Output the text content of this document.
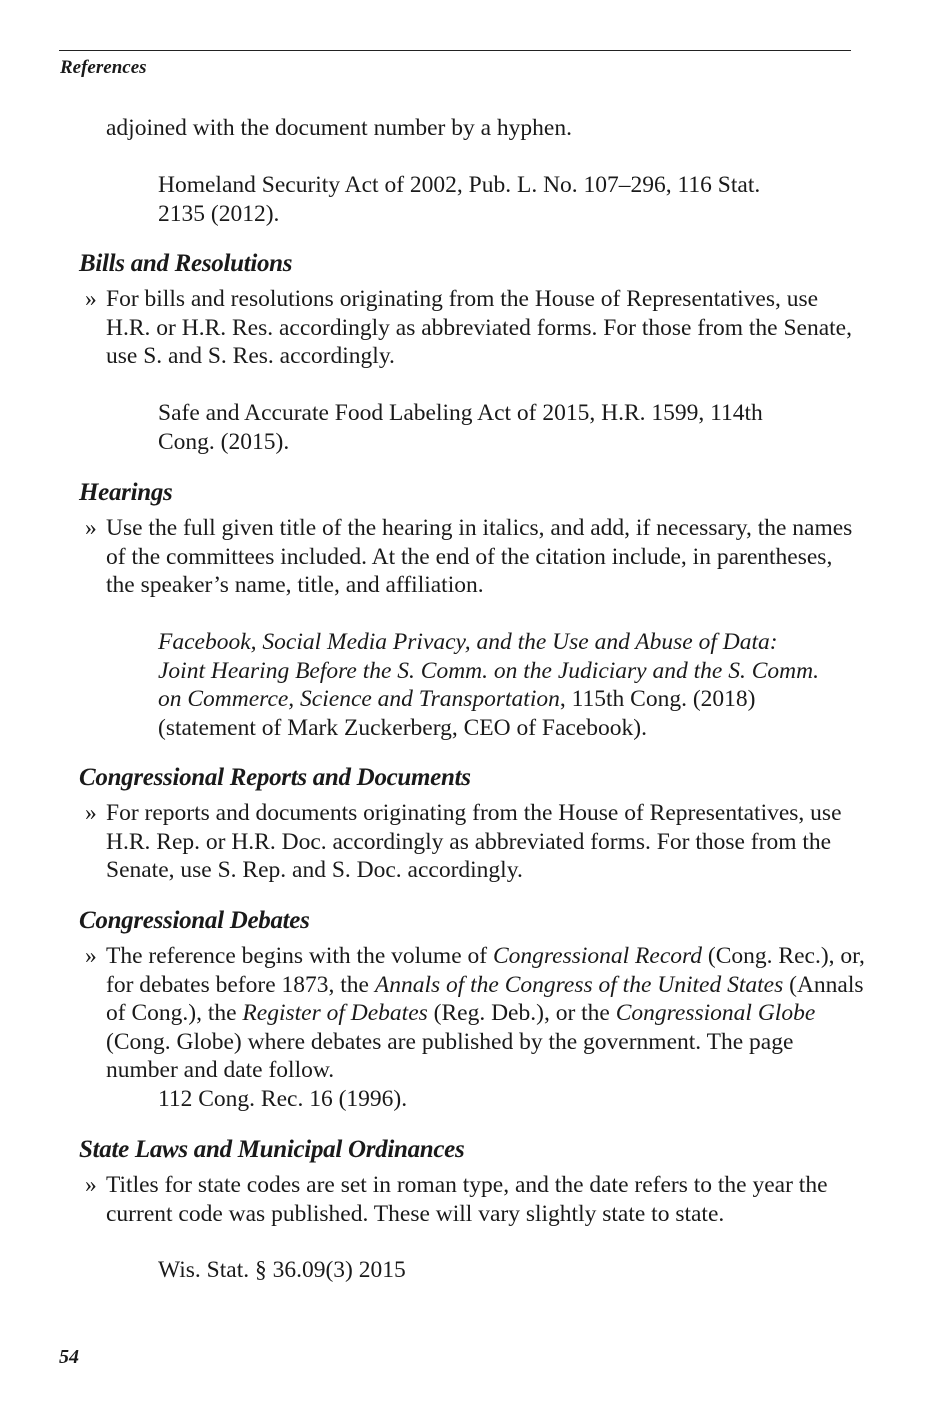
References
adjoined with the document number by a hyphen.
Homeland Security Act of 2002, Pub. L. No. 107–296, 116 Stat.
2135 (2012).
Bills and Resolutions
» For bills and resolutions originating from the House of Representatives, use H.R. or H.R. Res. accordingly as abbreviated forms. For those from the Senate, use S. and S. Res. accordingly.
Safe and Accurate Food Labeling Act of 2015, H.R. 1599, 114th
Cong. (2015).
Hearings
» Use the full given title of the hearing in italics, and add, if necessary, the names of the committees included. At the end of the citation include, in parentheses, the speaker’s name, title, and affiliation.
Facebook, Social Media Privacy, and the Use and Abuse of Data:
Joint Hearing Before the S. Comm. on the Judiciary and the S. Comm.
on Commerce, Science and Transportation, 115th Cong. (2018)
(statement of Mark Zuckerberg, CEO of Facebook).
Congressional Reports and Documents
» For reports and documents originating from the House of Representatives, use H.R. Rep. or H.R. Doc. accordingly as abbreviated forms. For those from the Senate, use S. Rep. and S. Doc. accordingly.
Congressional Debates
» The reference begins with the volume of Congressional Record (Cong. Rec.), or, for debates before 1873, the Annals of the Congress of the United States (Annals of Cong.), the Register of Debates (Reg. Deb.), or the Congressional Globe (Cong. Globe) where debates are published by the government. The page number and date follow.
112 Cong. Rec. 16 (1996).
State Laws and Municipal Ordinances
» Titles for state codes are set in roman type, and the date refers to the year the current code was published. These will vary slightly state to state.
Wis. Stat. § 36.09(3) 2015
54
